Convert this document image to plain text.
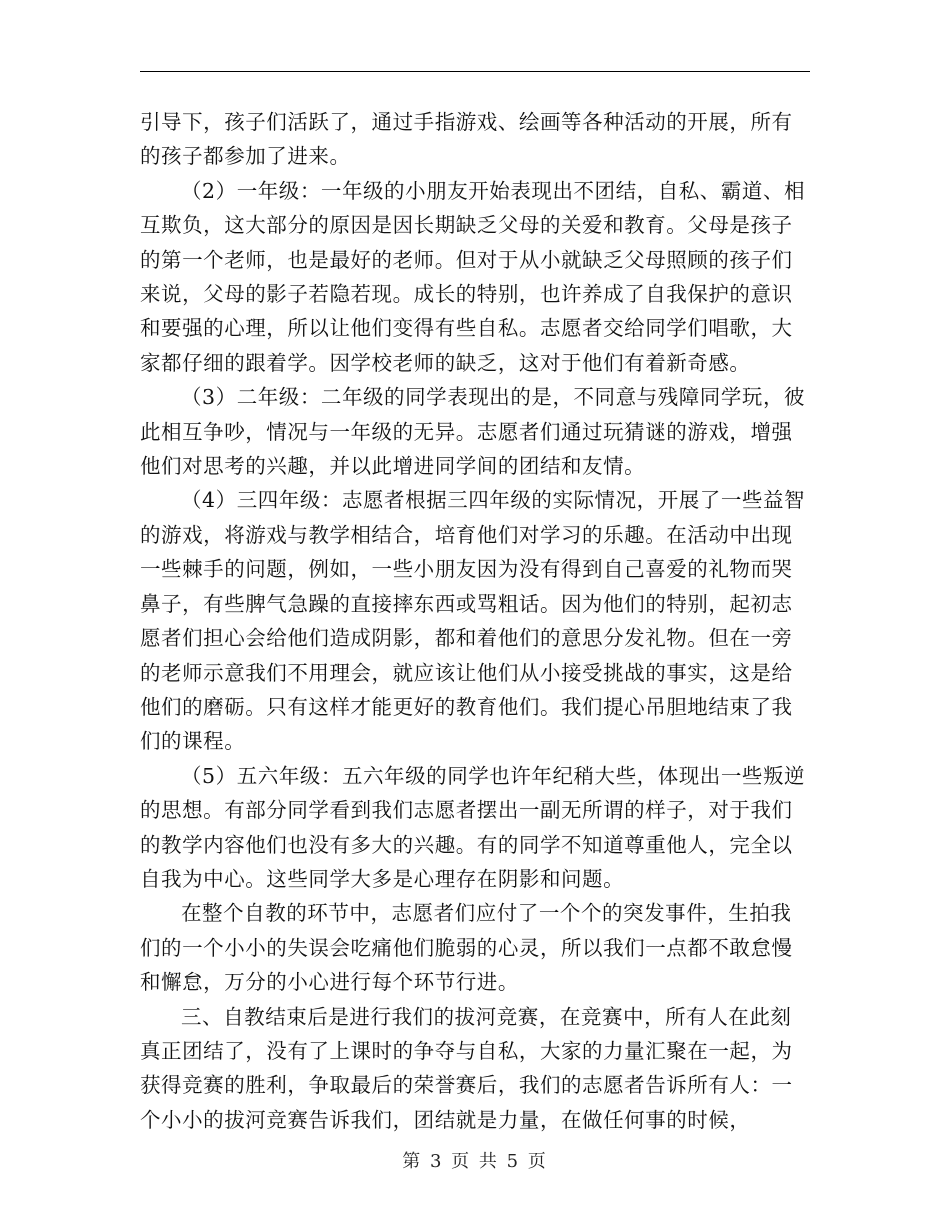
引导下，孩子们活跃了，通过手指游戏、绘画等各种活动的开展，所有的孩子都参加了进来。

（2）一年级：一年级的小朋友开始表现出不团结，自私、霸道、相互欺负，这大部分的原因是因长期缺乏父母的关爱和教育。父母是孩子的第一个老师，也是最好的老师。但对于从小就缺乏父母照顾的孩子们来说，父母的影子若隐若现。成长的特别，也许养成了自我保护的意识和要强的心理，所以让他们变得有些自私。志愿者交给同学们唱歌，大家都仔细的跟着学。因学校老师的缺乏，这对于他们有着新奇感。

（3）二年级：二年级的同学表现出的是，不同意与残障同学玩，彼此相互争吵，情况与一年级的无异。志愿者们通过玩猜谜的游戏，增强他们对思考的兴趣，并以此增进同学间的团结和友情。

（4）三四年级：志愿者根据三四年级的实际情况，开展了一些益智的游戏，将游戏与教学相结合，培育他们对学习的乐趣。在活动中出现一些棘手的问题，例如，一些小朋友因为没有得到自己喜爱的礼物而哭鼻子，有些脾气急躁的直接摔东西或骂粗话。因为他们的特别，起初志愿者们担心会给他们造成阴影，都和着他们的意思分发礼物。但在一旁的老师示意我们不用理会，就应该让他们从小接受挑战的事实，这是给他们的磨砺。只有这样才能更好的教育他们。我们提心吊胆地结束了我们的课程。

（5）五六年级：五六年级的同学也许年纪稍大些，体现出一些叛逆的思想。有部分同学看到我们志愿者摆出一副无所谓的样子，对于我们的教学内容他们也没有多大的兴趣。有的同学不知道尊重他人，完全以自我为中心。这些同学大多是心理存在阴影和问题。

在整个自教的环节中，志愿者们应付了一个个的突发事件，生拍我们的一个小小的失误会吃痛他们脆弱的心灵，所以我们一点都不敢怠慢和懈怠，万分的小心进行每个环节行进。

三、自教结束后是进行我们的拔河竞赛，在竞赛中，所有人在此刻真正团结了，没有了上课时的争夺与自私，大家的力量汇聚在一起，为获得竞赛的胜利，争取最后的荣誉赛后，我们的志愿者告诉所有人：一个小小的拔河竞赛告诉我们，团结就是力量，在做任何事的时候，

第 3 页 共 5 页
